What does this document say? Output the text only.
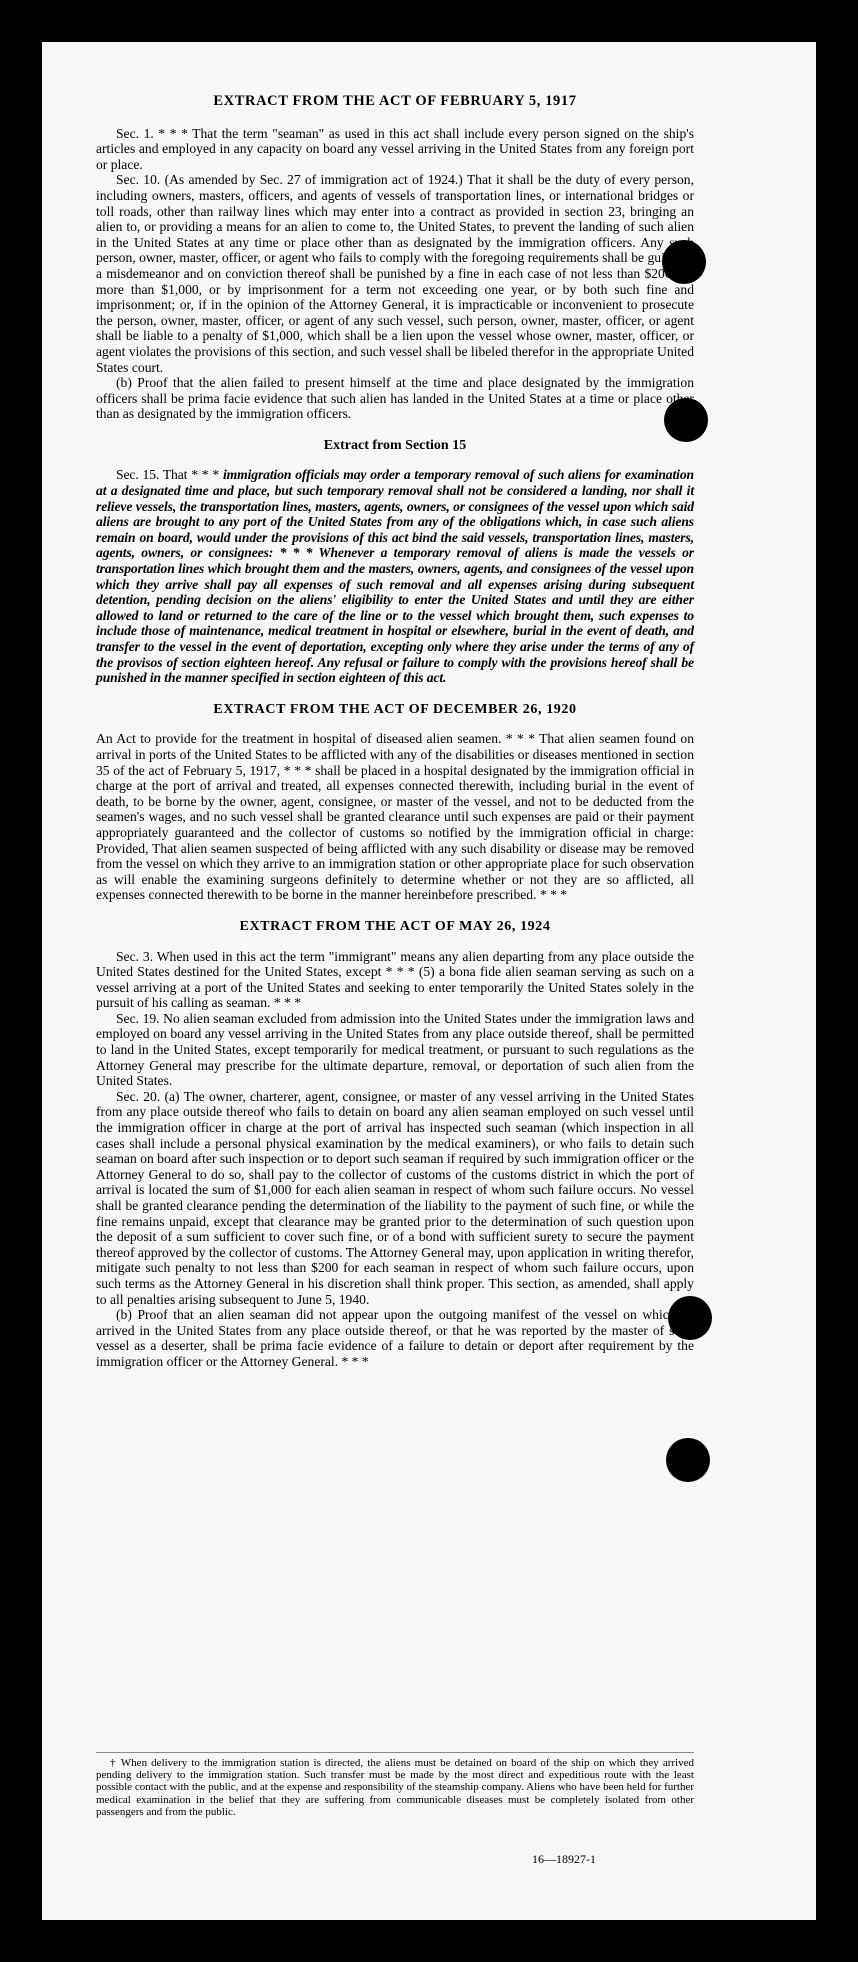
EXTRACT FROM THE ACT OF FEBRUARY 5, 1917

Sec. 1. * * * That the term "seaman" as used in this act shall include every person signed on the ship's articles and employed in any capacity on board any vessel arriving in the United States from any foreign port or place.

Sec. 10. (As amended by Sec. 27 of immigration act of 1924.) That it shall be the duty of every person, including owners, masters, officers, and agents of vessels of transportation lines, or international bridges or toll roads, other than railway lines which may enter into a contract as provided in section 23, bringing an alien to, or providing a means for an alien to come to, the United States, to prevent the landing of such alien in the United States at any time or place other than as designated by the immigration officers. Any such person, owner, master, officer, or agent who fails to comply with the foregoing requirements shall be guilty of a misdemeanor and on conviction thereof shall be punished by a fine in each case of not less than $200 nor more than $1,000, or by imprisonment for a term not exceeding one year, or by both such fine and imprisonment; or, if in the opinion of the Attorney General, it is impracticable or inconvenient to prosecute the person, owner, master, officer, or agent of any such vessel, such person, owner, master, officer, or agent shall be liable to a penalty of $1,000, which shall be a lien upon the vessel whose owner, master, officer, or agent violates the provisions of this section, and such vessel shall be libeled therefor in the appropriate United States court.

(b) Proof that the alien failed to present himself at the time and place designated by the immigration officers shall be prima facie evidence that such alien has landed in the United States at a time or place other than as designated by the immigration officers.

Extract from Section 15

Sec. 15. That * * * immigration officials may order a temporary removal of such aliens for examination at a designated time and place, but such temporary removal shall not be considered a landing, nor shall it relieve vessels, the transportation lines, masters, agents, owners, or consignees of the vessel upon which said aliens are brought to any port of the United States from any of the obligations which, in case such aliens remain on board, would under the provisions of this act bind the said vessels, transportation lines, masters, agents, owners, or consignees: * * * Whenever a temporary removal of aliens is made the vessels or transportation lines which brought them and the masters, owners, agents, and consignees of the vessel upon which they arrive shall pay all expenses of such removal and all expenses arising during subsequent detention, pending decision on the aliens' eligibility to enter the United States and until they are either allowed to land or returned to the care of the line or to the vessel which brought them, such expenses to include those of maintenance, medical treatment in hospital or elsewhere, burial in the event of death, and transfer to the vessel in the event of deportation, excepting only where they arise under the terms of any of the provisos of section eighteen hereof. Any refusal or failure to comply with the provisions hereof shall be punished in the manner specified in section eighteen of this act.

EXTRACT FROM THE ACT OF DECEMBER 26, 1920

An Act to provide for the treatment in hospital of diseased alien seamen. * * * That alien seamen found on arrival in ports of the United States to be afflicted with any of the disabilities or diseases mentioned in section 35 of the act of February 5, 1917, * * * shall be placed in a hospital designated by the immigration official in charge at the port of arrival and treated, all expenses connected therewith, including burial in the event of death, to be borne by the owner, agent, consignee, or master of the vessel, and not to be deducted from the seamen's wages, and no such vessel shall be granted clearance until such expenses are paid or their payment appropriately guaranteed and the collector of customs so notified by the immigration official in charge: Provided, That alien seamen suspected of being afflicted with any such disability or disease may be removed from the vessel on which they arrive to an immigration station or other appropriate place for such observation as will enable the examining surgeons definitely to determine whether or not they are so afflicted, all expenses connected therewith to be borne in the manner hereinbefore prescribed. * * *

EXTRACT FROM THE ACT OF MAY 26, 1924

Sec. 3. When used in this act the term "immigrant" means any alien departing from any place outside the United States destined for the United States, except * * * (5) a bona fide alien seaman serving as such on a vessel arriving at a port of the United States and seeking to enter temporarily the United States solely in the pursuit of his calling as seaman. * * *

Sec. 19. No alien seaman excluded from admission into the United States under the immigration laws and employed on board any vessel arriving in the United States from any place outside thereof, shall be permitted to land in the United States, except temporarily for medical treatment, or pursuant to such regulations as the Attorney General may prescribe for the ultimate departure, removal, or deportation of such alien from the United States.

Sec. 20. (a) The owner, charterer, agent, consignee, or master of any vessel arriving in the United States from any place outside thereof who fails to detain on board any alien seaman employed on such vessel until the immigration officer in charge at the port of arrival has inspected such seaman (which inspection in all cases shall include a personal physical examination by the medical examiners), or who fails to detain such seaman on board after such inspection or to deport such seaman if required by such immigration officer or the Attorney General to do so, shall pay to the collector of customs of the customs district in which the port of arrival is located the sum of $1,000 for each alien seaman in respect of whom such failure occurs. No vessel shall be granted clearance pending the determination of the liability to the payment of such fine, or while the fine remains unpaid, except that clearance may be granted prior to the determination of such question upon the deposit of a sum sufficient to cover such fine, or of a bond with sufficient surety to secure the payment thereof approved by the collector of customs. The Attorney General may, upon application in writing therefor, mitigate such penalty to not less than $200 for each seaman in respect of whom such failure occurs, upon such terms as the Attorney General in his discretion shall think proper. This section, as amended, shall apply to all penalties arising subsequent to June 5, 1940.

(b) Proof that an alien seaman did not appear upon the outgoing manifest of the vessel on which he arrived in the United States from any place outside thereof, or that he was reported by the master of such vessel as a deserter, shall be prima facie evidence of a failure to detain or deport after requirement by the immigration officer or the Attorney General. * * *

† When delivery to the immigration station is directed, the aliens must be detained on board of the ship on which they arrived pending delivery to the immigration station. Such transfer must be made by the most direct and expeditious route with the least possible contact with the public, and at the expense and responsibility of the steamship company. Aliens who have been held for further medical examination in the belief that they are suffering from communicable diseases must be completely isolated from other passengers and from the public.
16—18927-1
